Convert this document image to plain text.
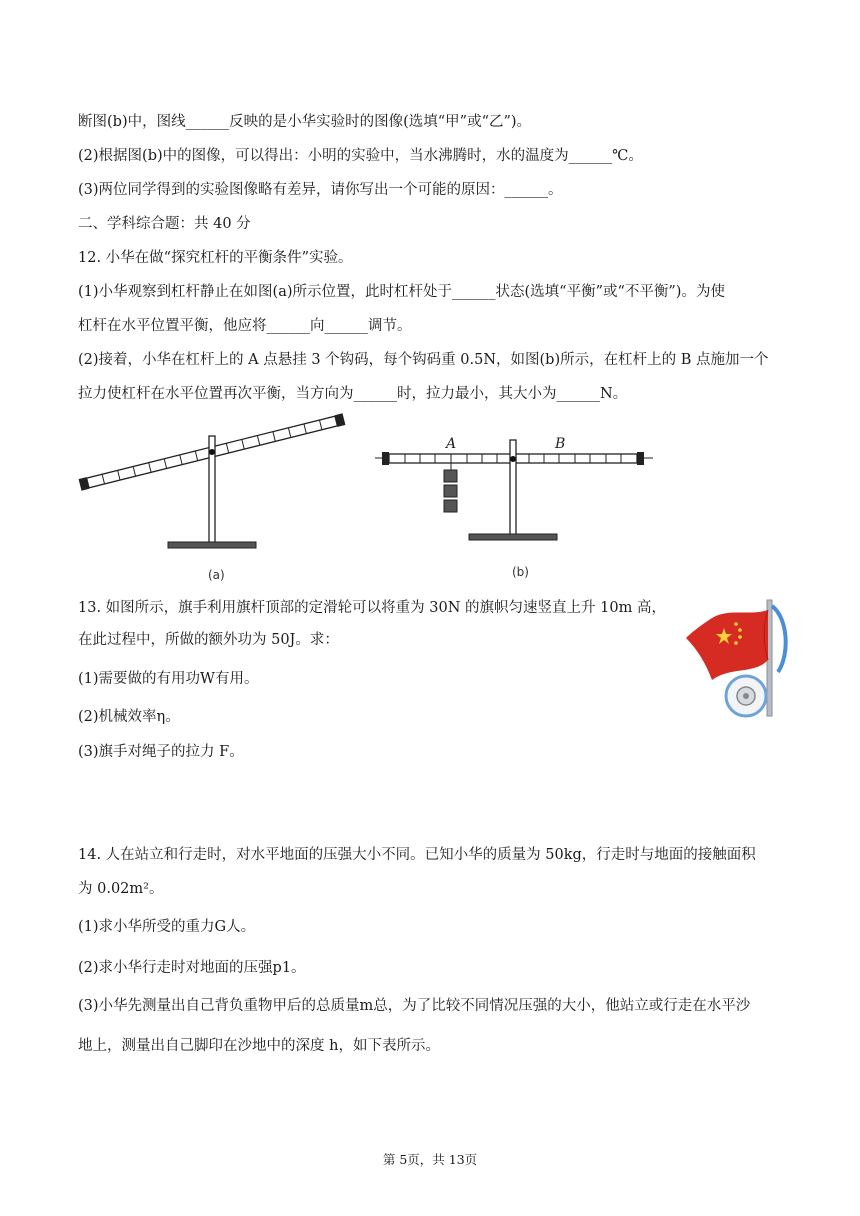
断图(b)中，图线______反映的是小华实验时的图像(选填“甲”或“乙”)。
(2)根据图(b)中的图像，可以得出：小明的实验中，当水沸腾时，水的温度为______℃。
(3)两位同学得到的实验图像略有差异，请你写出一个可能的原因：______。
二、学科综合题：共 40 分
12. 小华在做“探究杠杆的平衡条件”实验。
(1)小华观察到杠杆静止在如图(a)所示位置，此时杠杆处于______状态(选填“平衡”或“不平衡”)。为使
杠杆在水平位置平衡，他应将______向______调节。
(2)接着，小华在杠杆上的 A 点悬挂 3 个钩码，每个钩码重 0.5N，如图(b)所示，在杠杆上的 B 点施加一个
拉力使杠杆在水平位置再次平衡，当方向为______时，拉力最小，其大小为______N。
(a)
A	B
(b)
13. 如图所示，旗手利用旗杆顶部的定滑轮可以将重为 30N 的旗帜匀速竖直上升 10m 高，
在此过程中，所做的额外功为 50J。求：
(1)需要做的有用功W有用。
(2)机械效率η。
(3)旗手对绳子的拉力 F。
14. 人在站立和行走时，对水平地面的压强大小不同。已知小华的质量为 50kg，行走时与地面的接触面积
为 0.02m²。
(1)求小华所受的重力G人。
(2)求小华行走时对地面的压强p1。
(3)小华先测量出自己背负重物甲后的总质量m总，为了比较不同情况压强的大小，他站立或行走在水平沙
地上，测量出自己脚印在沙地中的深度 h，如下表所示。
第 5页，共 13页
